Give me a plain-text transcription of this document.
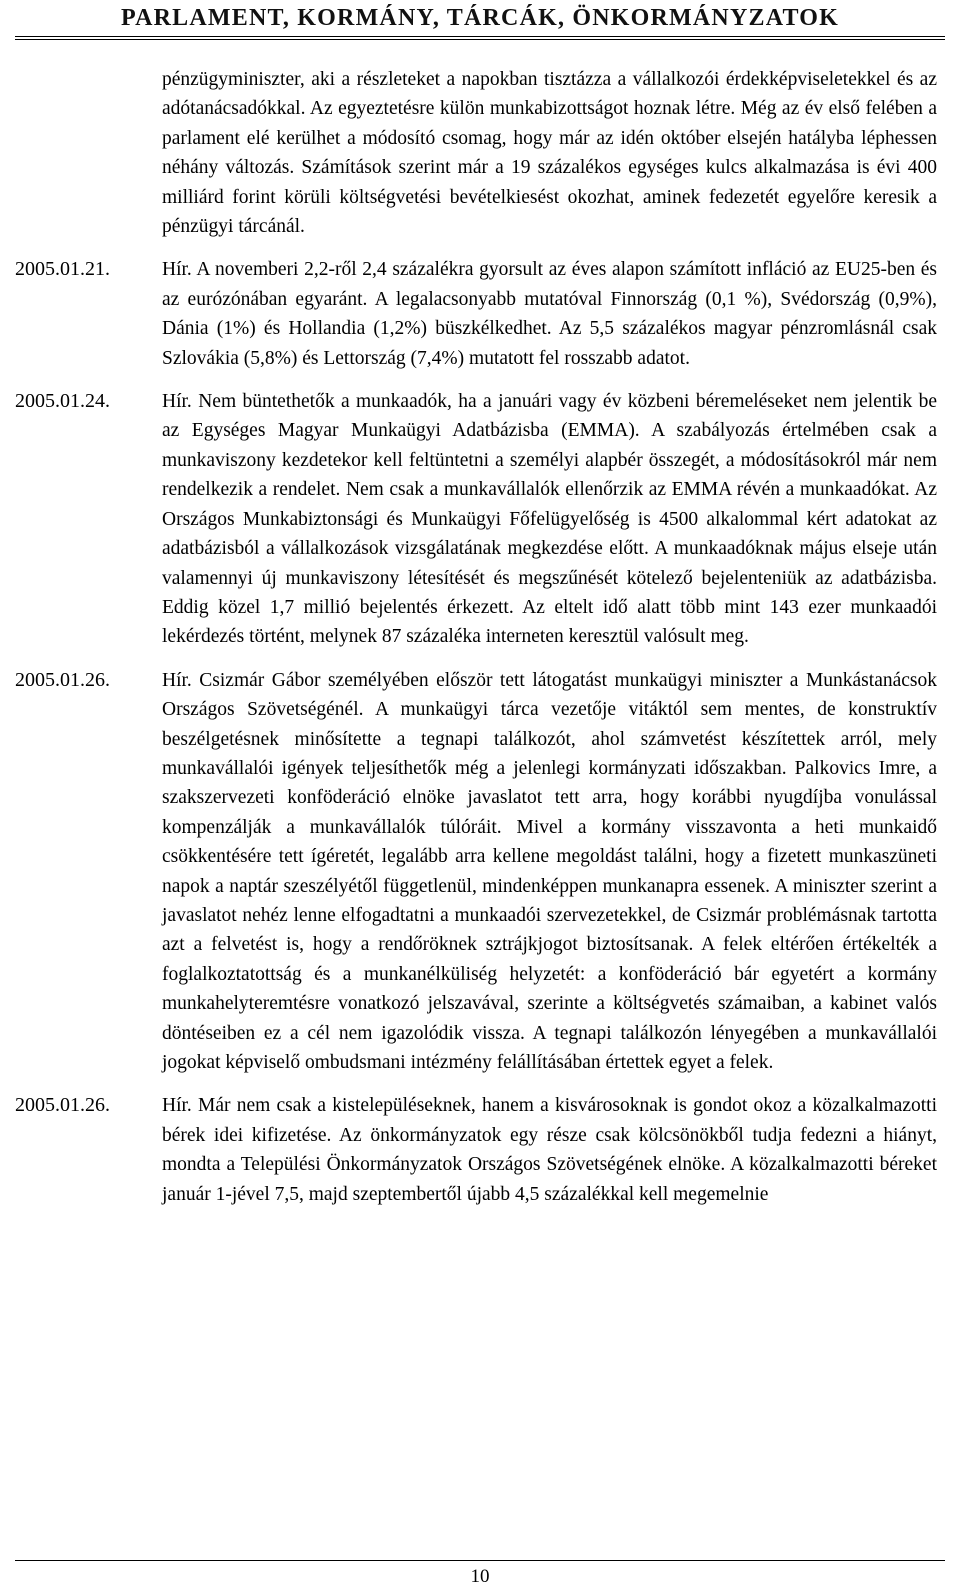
PARLAMENT, KORMÁNY, TÁRCÁK, ÖNKORMÁNYZATOK
pénzügyminiszter, aki a részleteket a napokban tisztázza a vállalkozói érdekképviseletekkel és az adótanácsadókkal. Az egyeztetésre külön munkabizottságot hoznak létre. Még az év első felében a parlament elé kerülhet a módosító csomag, hogy már az idén október elsején hatályba léphessen néhány változás. Számítások szerint már a 19 százalékos egységes kulcs alkalmazása is évi 400 milliárd forint körüli költségvetési bevételkiesést okozhat, aminek fedezetét egyelőre keresik a pénzügyi tárcánál.
2005.01.21.	Hír. A novemberi 2,2-ről 2,4 százalékra gyorsult az éves alapon számított infláció az EU25-ben és az eurózónában egyaránt. A legalacsonyabb mutatóval Finnország (0,1 %), Svédország (0,9%), Dánia (1%) és Hollandia (1,2%) büszkélkedhet. Az 5,5 százalékos magyar pénzromlásnál csak Szlovákia (5,8%) és Lettország (7,4%) mutatott fel rosszabb adatot.
2005.01.24.	Hír. Nem büntethetők a munkaadók, ha a januári vagy év közbeni béremeléseket nem jelentik be az Egységes Magyar Munkaügyi Adatbázisba (EMMA). A szabályozás értelmében csak a munkaviszony kezdetekor kell feltüntetni a személyi alapbér összegét, a módosításokról már nem rendelkezik a rendelet. Nem csak a munkavállalók ellenőrzik az EMMA révén a munkaadókat. Az Országos Munkabiztonsági és Munkaügyi Főfelügyelőség is 4500 alkalommal kért adatokat az adatbázisból a vállalkozások vizsgálatának megkezdése előtt. A munkaadóknak május elseje után valamennyi új munkaviszony létesítését és megszűnését kötelező bejelenteniük az adatbázisba. Eddig közel 1,7 millió bejelentés érkezett. Az eltelt idő alatt több mint 143 ezer munkaadói lekérdezés történt, melynek 87 százaléka interneten keresztül valósult meg.
2005.01.26.	Hír. Csizmár Gábor személyében először tett látogatást munkaügyi miniszter a Munkástanácsok Országos Szövetségénél. A munkaügyi tárca vezetője vitáktól sem mentes, de konstruktív beszélgetésnek minősítette a tegnapi találkozót, ahol számvetést készítettek arról, mely munkavállalói igények teljesíthetők még a jelenlegi kormányzati időszakban. Palkovics Imre, a szakszervezeti konföderáció elnöke javaslatot tett arra, hogy korábbi nyugdíjba vonulással kompenzálják a munkavállalók túlóráit. Mivel a kormány visszavonta a heti munkaidő csökkentésére tett ígéretét, legalább arra kellene megoldást találni, hogy a fizetett munkaszüneti napok a naptár szeszélyétől függetlenül, mindenképpen munkanapra essenek. A miniszter szerint a javaslatot nehéz lenne elfogadtatni a munkaadói szervezetekkel, de Csizmár problémásnak tartotta azt a felvetést is, hogy a rendőröknek sztrájkjogot biztosítsanak. A felek eltérően értékelték a foglalkoztatottság és a munkanélküliség helyzetét: a konföderáció bár egyetért a kormány munkahelyteremtésre vonatkozó jelszavával, szerinte a költségvetés számaiban, a kabinet valós döntéseiben ez a cél nem igazolódik vissza. A tegnapi találkozón lényegében a munkavállalói jogokat képviselő ombudsmani intézmény felállításában értettek egyet a felek.
2005.01.26.	Hír. Már nem csak a kistelepüléseknek, hanem a kisvárosoknak is gondot okoz a közalkalmazotti bérek idei kifizetése. Az önkormányzatok egy része csak kölcsönökből tudja fedezni a hiányt, mondta a Települési Önkormányzatok Országos Szövetségének elnöke. A közalkalmazotti béreket január 1-jével 7,5, majd szeptembertől újabb 4,5 százalékkal kell megemelnie
10
